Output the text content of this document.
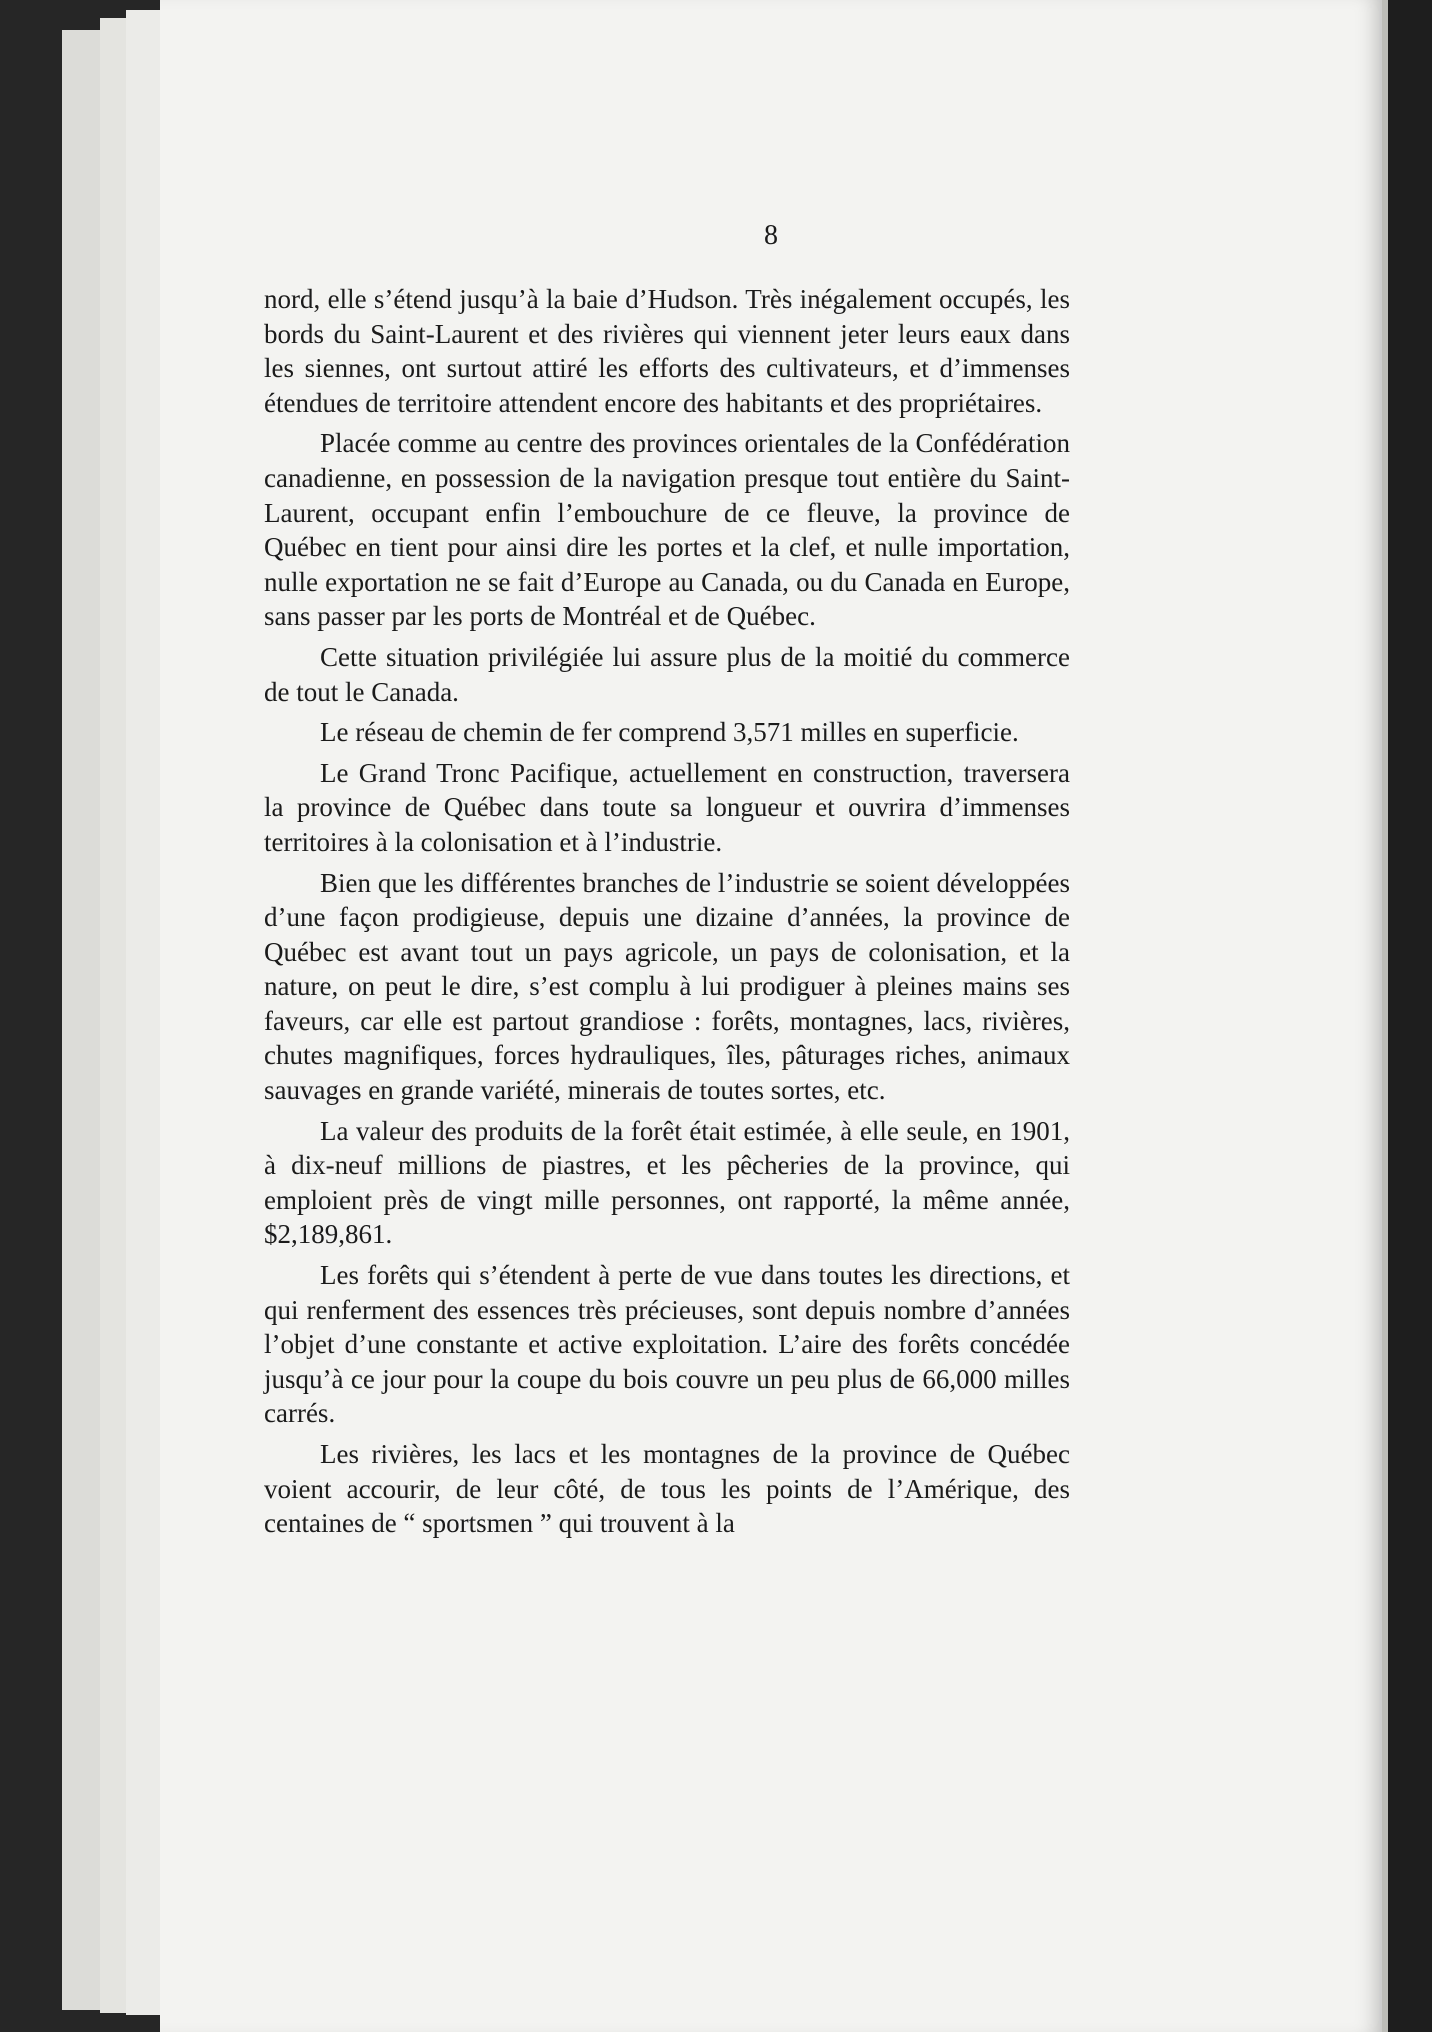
8

nord, elle s’étend jusqu’à la baie d’Hudson. Très inégalement occupés, les bords du Saint-Laurent et des rivières qui viennent jeter leurs eaux dans les siennes, ont surtout attiré les efforts des cultivateurs, et d’immenses étendues de territoire attendent encore des habitants et des propriétaires.

Placée comme au centre des provinces orientales de la Confédération canadienne, en possession de la navigation presque tout entière du Saint-Laurent, occupant enfin l’embouchure de ce fleuve, la province de Québec en tient pour ainsi dire les portes et la clef, et nulle importation, nulle exportation ne se fait d’Europe au Canada, ou du Canada en Europe, sans passer par les ports de Montréal et de Québec.

Cette situation privilégiée lui assure plus de la moitié du commerce de tout le Canada.

Le réseau de chemin de fer comprend 3,571 milles en superficie.

Le Grand Tronc Pacifique, actuellement en construction, traversera la province de Québec dans toute sa longueur et ouvrira d’immenses territoires à la colonisation et à l’industrie.

Bien que les différentes branches de l’industrie se soient développées d’une façon prodigieuse, depuis une dizaine d’années, la province de Québec est avant tout un pays agricole, un pays de colonisation, et la nature, on peut le dire, s’est complu à lui prodiguer à pleines mains ses faveurs, car elle est partout grandiose : forêts, montagnes, lacs, rivières, chutes magnifiques, forces hydrauliques, îles, pâturages riches, animaux sauvages en grande variété, minerais de toutes sortes, etc.

La valeur des produits de la forêt était estimée, à elle seule, en 1901, à dix-neuf millions de piastres, et les pêcheries de la province, qui emploient près de vingt mille personnes, ont rapporté, la même année, $2,189,861.

Les forêts qui s’étendent à perte de vue dans toutes les directions, et qui renferment des essences très précieuses, sont depuis nombre d’années l’objet d’une constante et active exploitation. L’aire des forêts concédée jusqu’à ce jour pour la coupe du bois couvre un peu plus de 66,000 milles carrés.

Les rivières, les lacs et les montagnes de la province de Québec voient accourir, de leur côté, de tous les points de l’Amérique, des centaines de “ sportsmen ” qui trouvent à la
